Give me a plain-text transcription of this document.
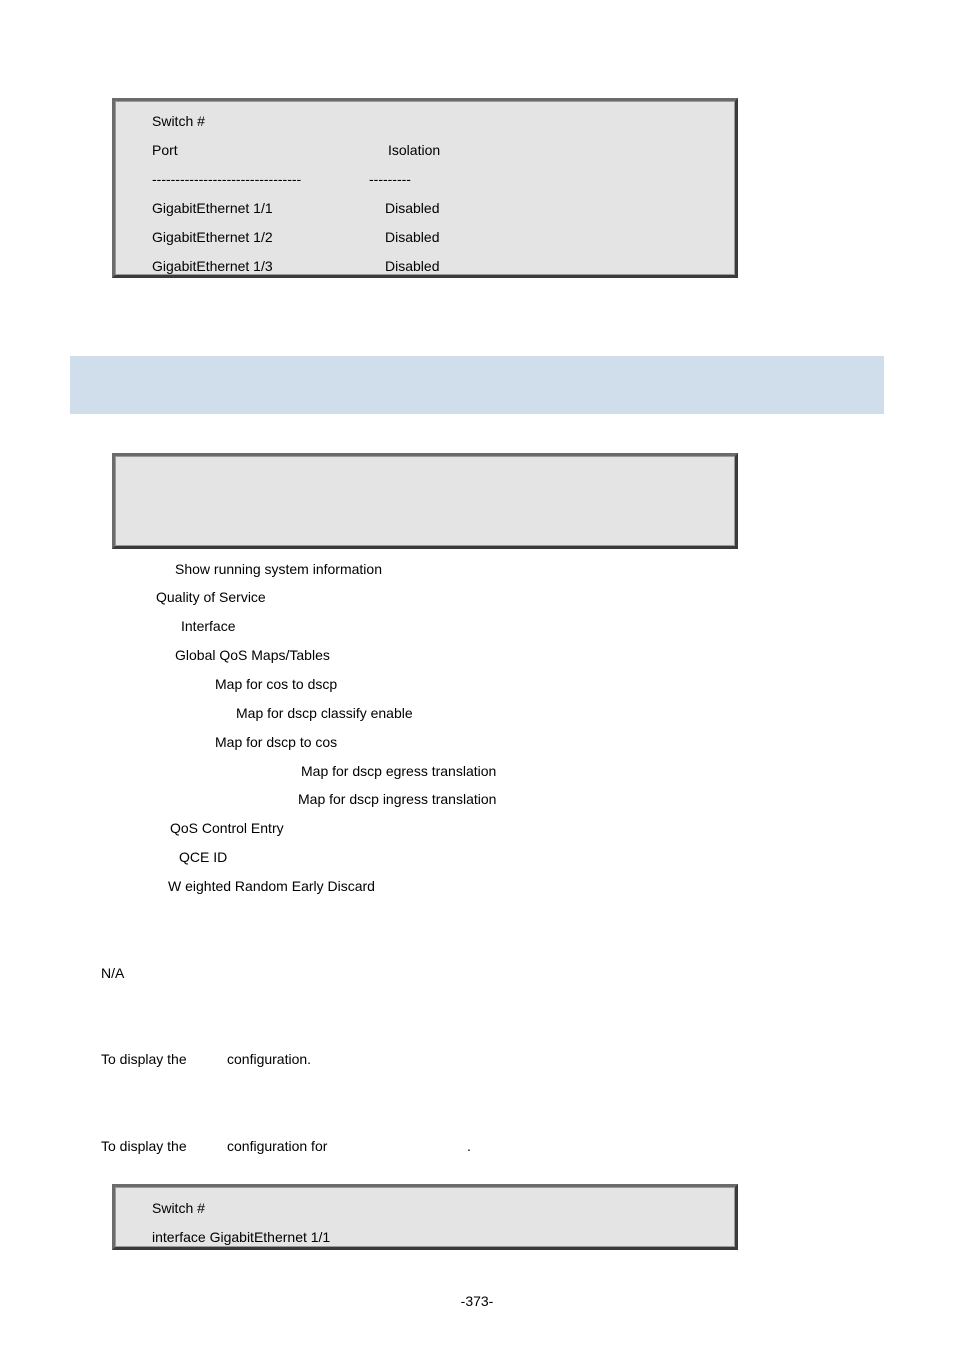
Switch #
Port	Isolation
--------------------------------	---------
GigabitEthernet 1/1	Disabled
GigabitEthernet 1/2	Disabled
GigabitEthernet 1/3	Disabled
Show running system information
Quality of Service
Interface
Global QoS Maps/Tables
Map for cos to dscp
Map for dscp classify enable
Map for dscp to cos
Map for dscp egress translation
Map for dscp ingress translation
QoS Control Entry
QCE ID
W eighted Random Early Discard
N/A
To display the	configuration.
To display the	configuration for	.
Switch #
interface GigabitEthernet 1/1
-373-
